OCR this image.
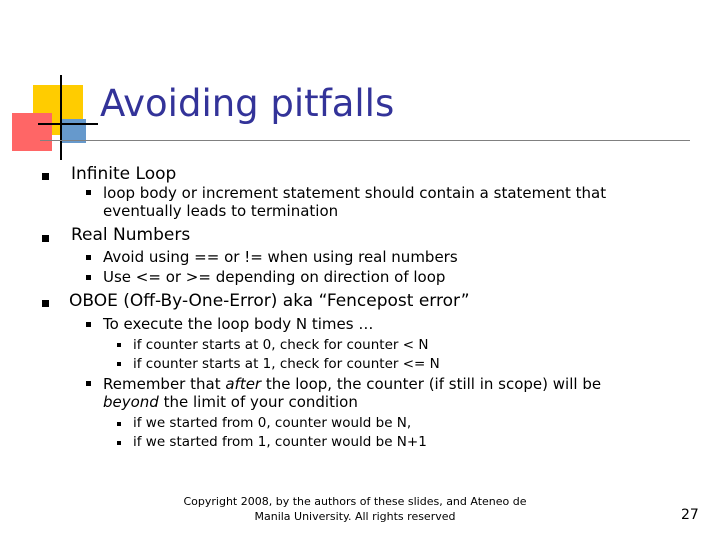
Avoiding pitfalls
Infinite Loop
loop body or increment statement should contain a statement that eventually leads to termination
Real Numbers
Avoid using == or != when using real numbers
Use <= or >= depending on direction of loop
OBOE (Off-By-One-Error) aka “Fencepost error”
To execute the loop body N times …
if counter starts at 0, check for counter < N
if counter starts at 1, check for counter <= N
Remember that after the loop, the counter (if still in scope) will be
beyond the limit of your condition
if we started from 0, counter would be N,
if we started from 1, counter would be N+1
Copyright 2008, by the authors of these slides, and Ateneo de
Manila University. All rights reserved	27
